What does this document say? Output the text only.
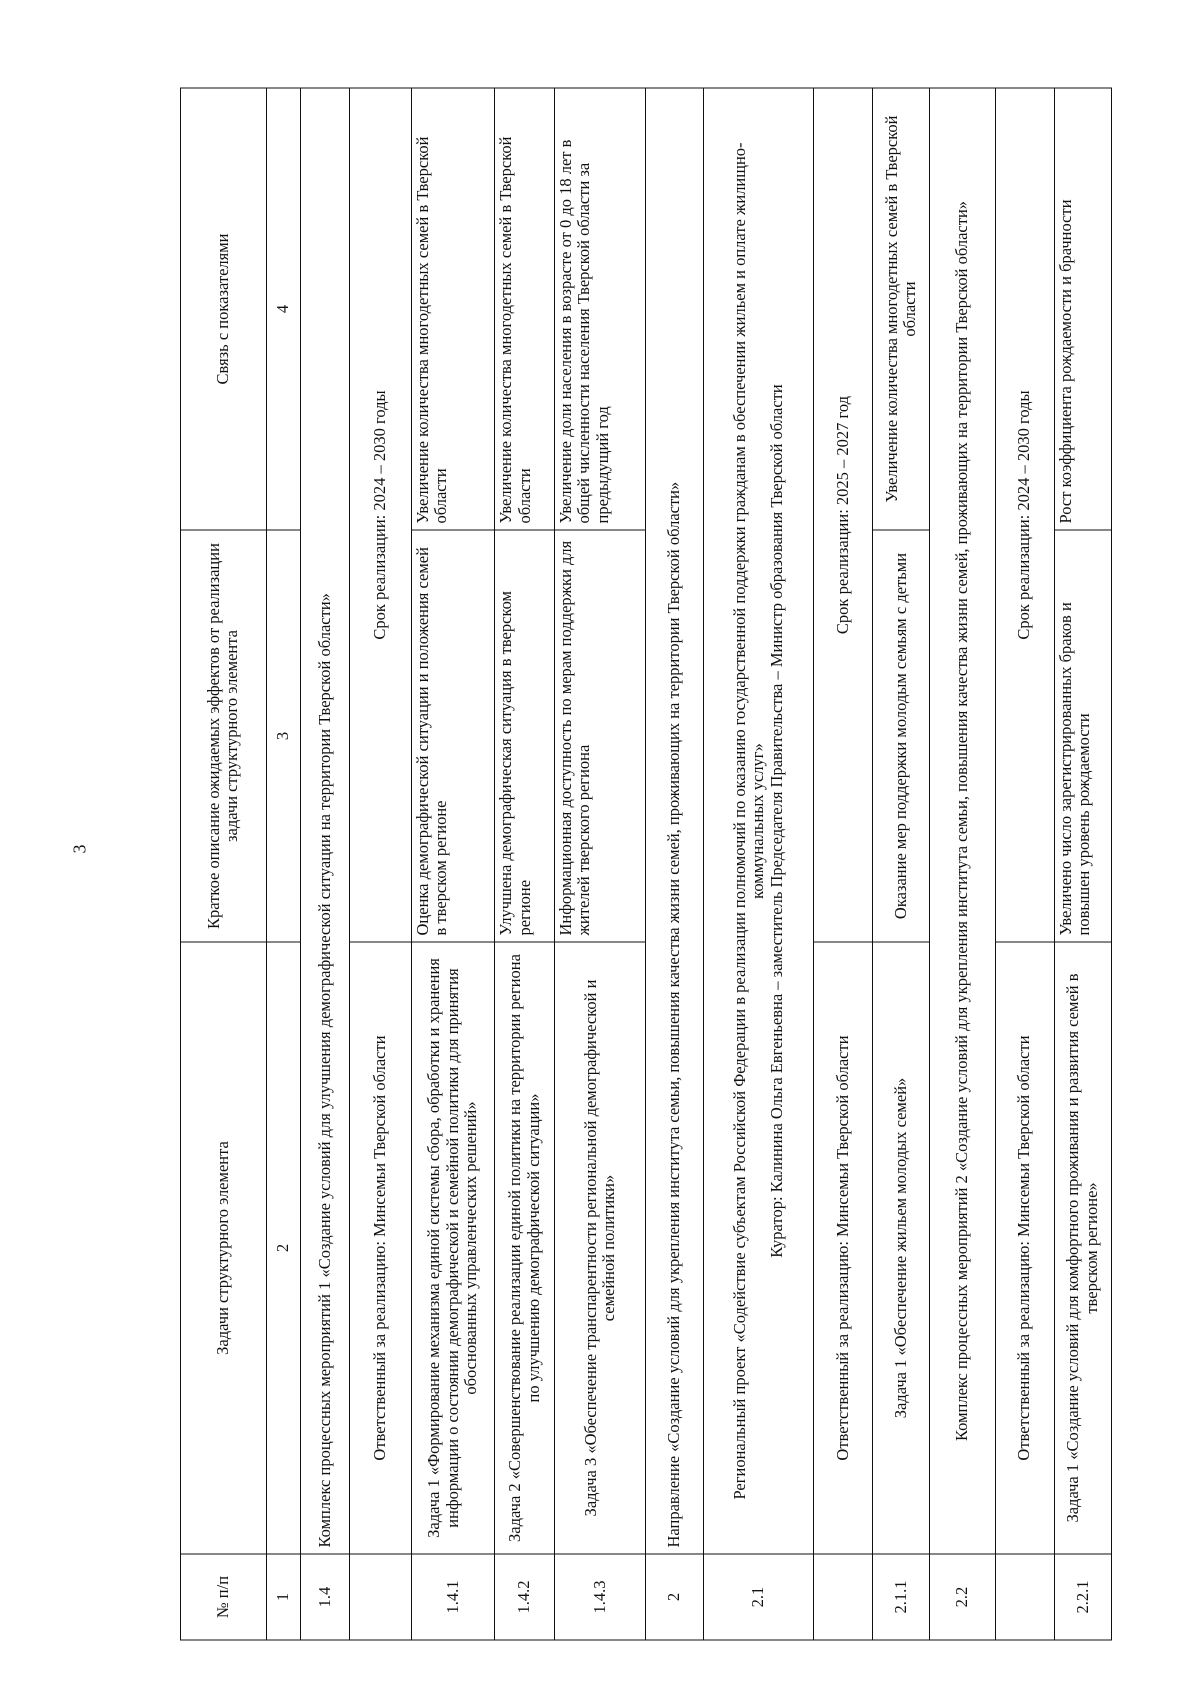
3
№ п/п	Задачи структурного элемента	Краткое описание ожидаемых эффектов от реализации задачи структурного элемента	Связь с показателями
1	2	3	4
1.4	Комплекс процессных мероприятий 1 «Создание условий для улучшения демографической ситуации на территории Тверской области»		
	Ответственный за реализацию: Минсемьи Тверской области	Срок реализации: 2024 – 2030 годы	
1.4.1	Задача 1 «Формирование механизма единой системы сбора, обработки и хранения информации о состоянии демографической и семейной политики для принятия обоснованных управленческих решений»	Оценка демографической ситуации и положения семей в тверском регионе	Увеличение количества многодетных семей в Тверской области
1.4.2	Задача 2 «Совершенствование реализации единой политики на территории региона по улучшению демографической ситуации»	Улучшена демографическая ситуация в тверском регионе	Увеличение количества многодетных семей в Тверской области
1.4.3	Задача 3 «Обеспечение транспарентности региональной демографической и семейной политики»	Информационная доступность по мерам поддержки для жителей тверского региона	Увеличение доли населения в возрасте от 0 до 18 лет в общей численности населения Тверской области за предыдущий год
2	Направление «Создание условий для укрепления института семьи, повышения качества жизни семей, проживающих на территории Тверской области»		
2.1	Региональный проект «Содействие субъектам Российской Федерации в реализации полномочий по оказанию государственной поддержки гражданам в обеспечении жильем и оплате жилищно-коммунальных услуг» Куратор: Калинина Ольга Евгеньевна – заместитель Председателя Правительства – Министр образования Тверской области		

	Ответственный за реализацию: Минсемьи Тверской области	Срок реализации: 2025 – 2027 год	
2.1.1	Задача 1 «Обеспечение жильем молодых семей»	Оказание мер поддержки молодым семьям с детьми	Увеличение количества многодетных семей в Тверской области
2.2	Комплекс процессных мероприятий 2 «Создание условий для укрепления института семьи, повышения качества жизни семей, проживающих на территории Тверской области»		
	Ответственный за реализацию: Минсемьи Тверской области	Срок реализации: 2024 – 2030 годы	
2.2.1	Задача 1 «Создание условий для комфортного проживания и развития семей в тверском регионе»	Увеличено число зарегистрированных браков и повышен уровень рождаемости	Рост коэффициента рождаемости и брачности
